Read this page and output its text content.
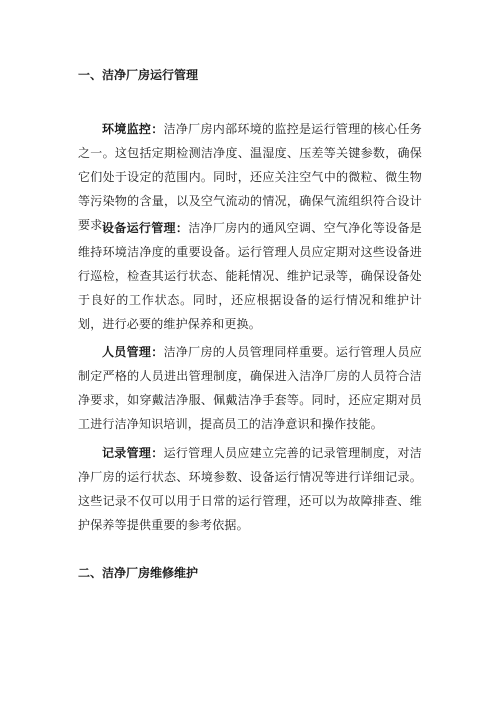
一、洁净厂房运行管理

环境监控：洁净厂房内部环境的监控是运行管理的核心任务之一。这包括定期检测洁净度、温湿度、压差等关键参数，确保它们处于设定的范围内。同时，还应关注空气中的微粒、微生物等污染物的含量，以及空气流动的情况，确保气流组织符合设计要求。

设备运行管理：洁净厂房内的通风空调、空气净化等设备是维持环境洁净度的重要设备。运行管理人员应定期对这些设备进行巡检，检查其运行状态、能耗情况、维护记录等，确保设备处于良好的工作状态。同时，还应根据设备的运行情况和维护计划，进行必要的维护保养和更换。

人员管理：洁净厂房的人员管理同样重要。运行管理人员应制定严格的人员进出管理制度，确保进入洁净厂房的人员符合洁净要求，如穿戴洁净服、佩戴洁净手套等。同时，还应定期对员工进行洁净知识培训，提高员工的洁净意识和操作技能。

记录管理：运行管理人员应建立完善的记录管理制度，对洁净厂房的运行状态、环境参数、设备运行情况等进行详细记录。这些记录不仅可以用于日常的运行管理，还可以为故障排查、维护保养等提供重要的参考依据。

二、洁净厂房维修维护
